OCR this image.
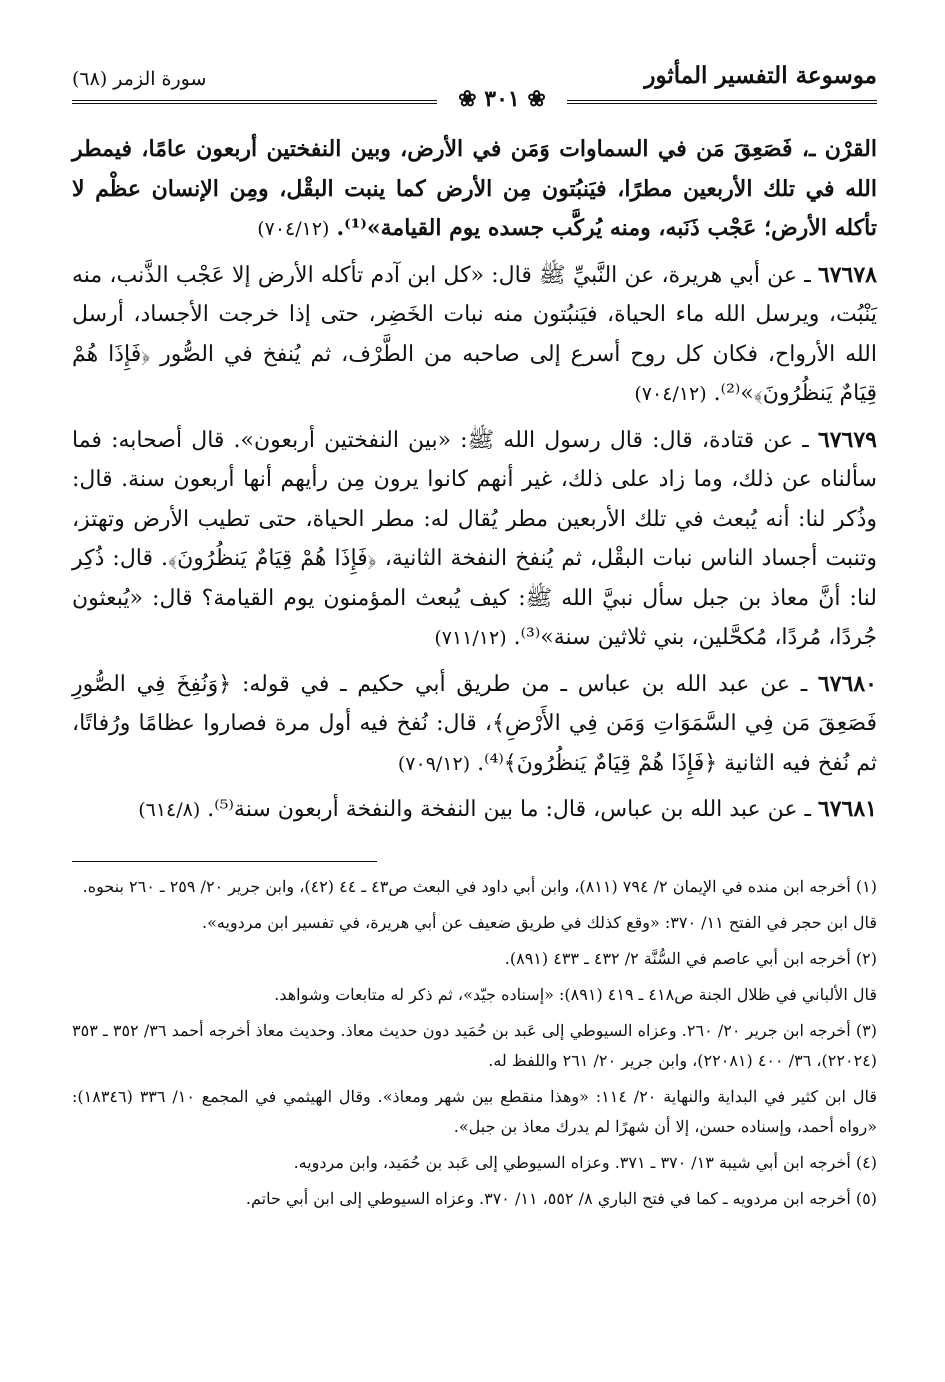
موسوعة التفسير المأثور
سورة الزمر (٦٨)
❀ ٣٠١ ❀

القرْن ـ، فَصَعِقَ مَن في السماوات وَمَن في الأرض، وبين النفختين أربعون عامًا، فيمطر الله في تلك الأربعين مطرًا، فيَنبُتون مِن الأرض كما ينبت البقْل، ومِن الإنسان عظْم لا تأكله الأرض؛ عَجْب ذَنَبه، ومنه يُركَّب جسده يوم القيامة»⁽¹⁾. (٧٠٤/١٢)

٦٧٦٧٨ ـ عن أبي هريرة، عن النَّبيِّ ﷺ قال: «كل ابن آدم تأكله الأرض إلا عَجْب الذَّنب، منه يَنْبُت، ويرسل الله ماء الحياة، فيَنبُتون منه نبات الخَضِر، حتى إذا خرجت الأجساد، أرسل الله الأرواح، فكان كل روح أسرع إلى صاحبه من الطَّرْف، ثم يُنفخ في الصُّور ﴿فَإِذَا هُمْ قِيَامٌ يَنظُرُونَ﴾»⁽²⁾. (٧٠٤/١٢)

٦٧٦٧٩ ـ عن قتادة، قال: قال رسول الله ﷺ: «بين النفختين أربعون». قال أصحابه: فما سألناه عن ذلك، وما زاد على ذلك، غير أنهم كانوا يرون مِن رأيهم أنها أربعون سنة. قال: وذُكر لنا: أنه يُبعث في تلك الأربعين مطر يُقال له: مطر الحياة، حتى تطيب الأرض وتهتز، وتنبت أجساد الناس نبات البقْل، ثم يُنفخ النفخة الثانية، ﴿فَإِذَا هُمْ قِيَامٌ يَنظُرُونَ﴾. قال: ذُكِر لنا: أنَّ معاذ بن جبل سأل نبيَّ الله ﷺ: كيف يُبعث المؤمنون يوم القيامة؟ قال: «يُبعثون جُردًا، مُردًا، مُكحَّلين، بني ثلاثين سنة»⁽³⁾. (٧١١/١٢)

٦٧٦٨٠ ـ عن عبد الله بن عباس ـ من طريق أبي حكيم ـ في قوله: ﴿وَنُفِخَ فِي الصُّورِ فَصَعِقَ مَن فِي السَّمَوَاتِ وَمَن فِي الأَرْضِ﴾، قال: نُفخ فيه أول مرة فصاروا عظامًا ورُفاتًا، ثم نُفخ فيه الثانية ﴿فَإِذَا هُمْ قِيَامٌ يَنظُرُونَ﴾⁽⁴⁾. (٧٠٩/١٢)

٦٧٦٨١ ـ عن عبد الله بن عباس، قال: ما بين النفخة والنفخة أربعون سنة⁽⁵⁾. (٦١٤/٨)

(١) أخرجه ابن منده في الإيمان ٢/ ٧٩٤ (٨١١)، وابن أبي داود في البعث ص٤٣ ـ ٤٤ (٤٢)، وابن جرير ٢٠/ ٢٥٩ ـ ٢٦٠ بنحوه.

قال ابن حجر في الفتح ١١/ ٣٧٠: «وقع كذلك في طريق ضعيف عن أبي هريرة، في تفسير ابن مردويه».

(٢) أخرجه ابن أبي عاصم في السُّنَّة ٢/ ٤٣٢ ـ ٤٣٣ (٨٩١).

قال الألباني في ظلال الجنة ص٤١٨ ـ ٤١٩ (٨٩١): «إسناده جيّد»، ثم ذكر له متابعات وشواهد.

(٣) أخرجه ابن جرير ٢٠/ ٢٦٠. وعزاه السيوطي إلى عَبد بن حُمَيد دون حديث معاذ. وحديث معاذ أخرجه أحمد ٣٦/ ٣٥٢ ـ ٣٥٣ (٢٢٠٢٤)، ٣٦/ ٤٠٠ (٢٢٠٨١)، وابن جرير ٢٠/ ٢٦١ واللفظ له.

قال ابن كثير في البداية والنهاية ٢٠/ ١١٤: «وهذا منقطع بين شهر ومعاذ». وقال الهيثمي في المجمع ١٠/ ٣٣٦ (١٨٣٤٦): «رواه أحمد، وإسناده حسن، إلا أن شهرًا لم يدرك معاذ بن جبل».

(٤) أخرجه ابن أبي شيبة ١٣/ ٣٧٠ ـ ٣٧١. وعزاه السيوطي إلى عَبد بن حُمَيد، وابن مردويه.

(٥) أخرجه ابن مردويه ـ كما في فتح الباري ٨/ ٥٥٢، ١١/ ٣٧٠. وعزاه السيوطي إلى ابن أبي حاتم.
